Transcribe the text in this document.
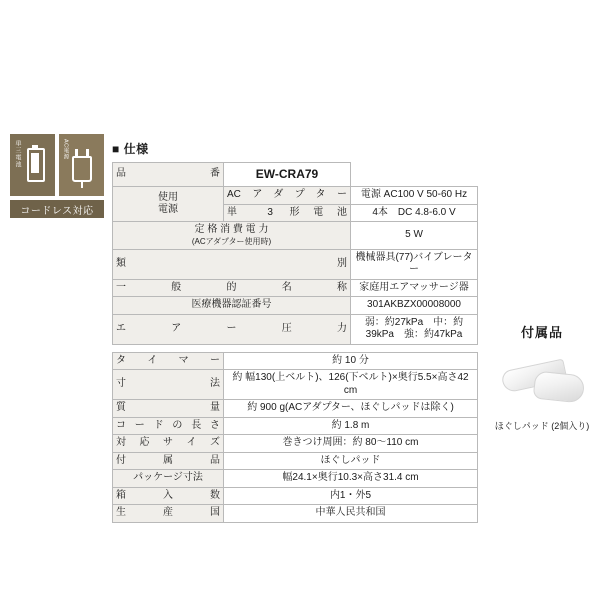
単三電池	AC電源
コードレス対応
■ 仕様
品　　　　番	EW-CRA79	
使用
電源	ACアダプター	電源 AC100 V 50-60 Hz
	単 3 形電池	4本　DC 4.8-6.0 V
定 格 消 費 電 力
(ACアダプター使用時)		5 W
類　　　　別		機械器具(77)バイブレーター
一 般 的 名 称		家庭用エアマッサージ器
医療機器認証番号		301AKBZX00008000
エ ア ー 圧 力		弱：約27kPa　中：約39kPa　強：約47kPa
タ イ マ ー	約 10 分
寸　　　　法	約 幅130(上ベルト)、126(下ベルト)×奥行5.5×高さ42 cm
質　　　　量	約 900 g(ACアダプター、ほぐしパッドは除く)
コ ー ド の 長 さ	約 1.8 m
対 応 サ イ ズ	巻きつけ周囲：約 80〜110 cm
付　属　品	ほぐしパッド
パッケージ寸法	幅24.1×奥行10.3×高さ31.4 cm
箱　入　数	内1・外5
生 産 国	中華人民共和国
付属品
ほぐしパッド (2個入り)
